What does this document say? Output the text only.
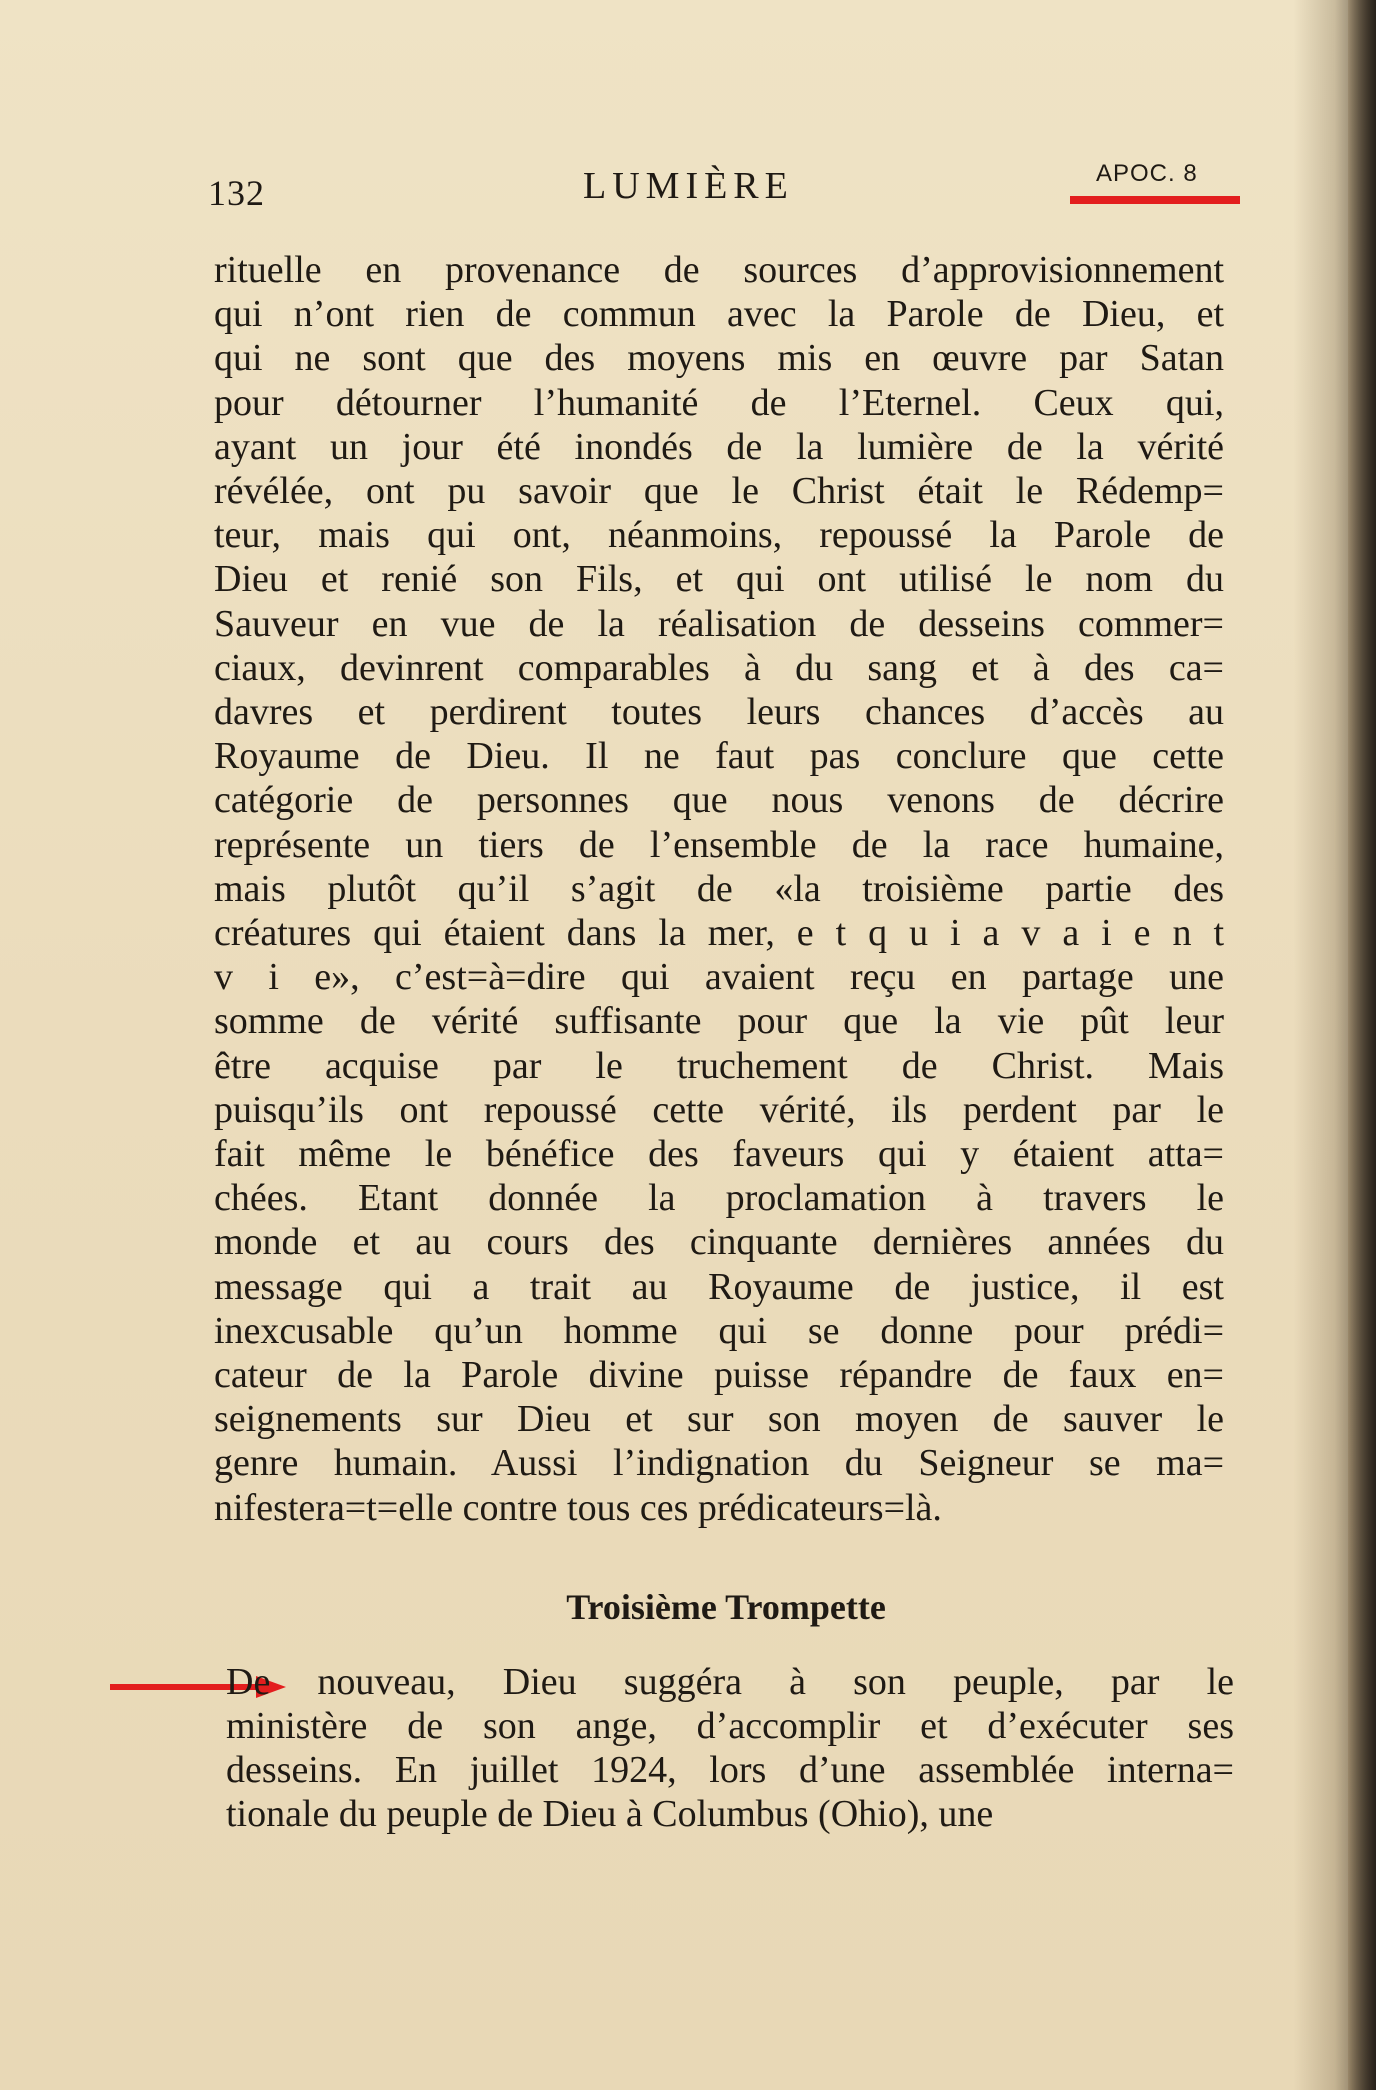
132	LUMIÈRE	APOC. 8
rituelle en provenance de sources d’approvisionnement
qui n’ont rien de commun avec la Parole de Dieu, et
qui ne sont que des moyens mis en œuvre par Satan
pour détourner l’humanité de l’Eternel. Ceux qui,
ayant un jour été inondés de la lumière de la vérité
révélée, ont pu savoir que le Christ était le Rédemp=
teur, mais qui ont, néanmoins, repoussé la Parole de
Dieu et renié son Fils, et qui ont utilisé le nom du
Sauveur en vue de la réalisation de desseins commer=
ciaux, devinrent comparables à du sang et à des ca=
davres et perdirent toutes leurs chances d’accès au
Royaume de Dieu. Il ne faut pas conclure que cette
catégorie de personnes que nous venons de décrire
représente un tiers de l’ensemble de la race humaine,
mais plutôt qu’il s’agit de «la troisième partie des
créatures qui étaient dans la mer, e t q u i a v a i e n t
v i e», c’est=à=dire qui avaient reçu en partage une
somme de vérité suffisante pour que la vie pût leur
être acquise par le truchement de Christ. Mais
puisqu’ils ont repoussé cette vérité, ils perdent par le
fait même le bénéfice des faveurs qui y étaient atta=
chées. Etant donnée la proclamation à travers le
monde et au cours des cinquante dernières années du
message qui a trait au Royaume de justice, il est
inexcusable qu’un homme qui se donne pour prédi=
cateur de la Parole divine puisse répandre de faux en=
seignements sur Dieu et sur son moyen de sauver le
genre humain. Aussi l’indignation du Seigneur se ma=
nifestera=t=elle contre tous ces prédicateurs=là.
Troisième Trompette
De nouveau, Dieu suggéra à son peuple, par le
ministère de son ange, d’accomplir et d’exécuter ses
desseins. En juillet 1924, lors d’une assemblée interna=
tionale du peuple de Dieu à Columbus (Ohio), une
